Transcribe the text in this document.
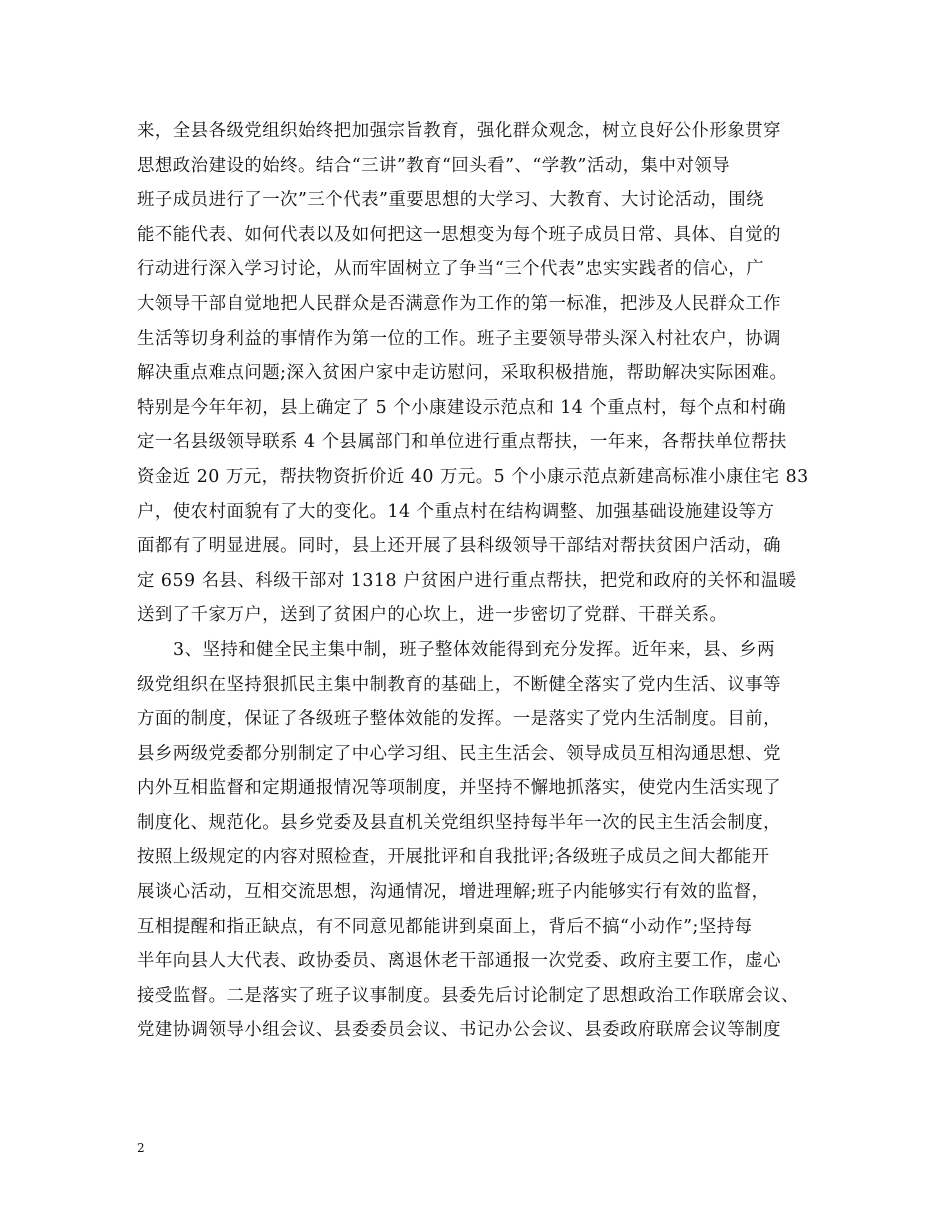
来，全县各级党组织始终把加强宗旨教育，强化群众观念，树立良好公仆形象贯穿
思想政治建设的始终。结合“三讲”教育“回头看”、“学教”活动，集中对领导
班子成员进行了一次”三个代表”重要思想的大学习、大教育、大讨论活动，围绕
能不能代表、如何代表以及如何把这一思想变为每个班子成员日常、具体、自觉的
行动进行深入学习讨论，从而牢固树立了争当“三个代表”忠实实践者的信心，广
大领导干部自觉地把人民群众是否满意作为工作的第一标准，把涉及人民群众工作
生活等切身利益的事情作为第一位的工作。班子主要领导带头深入村社农户，协调
解决重点难点问题;深入贫困户家中走访慰问，采取积极措施，帮助解决实际困难。
特别是今年年初，县上确定了 5 个小康建设示范点和 14 个重点村，每个点和村确
定一名县级领导联系 4 个县属部门和单位进行重点帮扶，一年来，各帮扶单位帮扶
资金近 20 万元，帮扶物资折价近 40 万元。5 个小康示范点新建高标准小康住宅 83
户，使农村面貌有了大的变化。14 个重点村在结构调整、加强基础设施建设等方
面都有了明显进展。同时，县上还开展了县科级领导干部结对帮扶贫困户活动，确
定 659 名县、科级干部对 1318 户贫困户进行重点帮扶，把党和政府的关怀和温暖
送到了千家万户，送到了贫困户的心坎上，进一步密切了党群、干群关系。
3、坚持和健全民主集中制，班子整体效能得到充分发挥。近年来，县、乡两
级党组织在坚持狠抓民主集中制教育的基础上，不断健全落实了党内生活、议事等
方面的制度，保证了各级班子整体效能的发挥。一是落实了党内生活制度。目前，
县乡两级党委都分别制定了中心学习组、民主生活会、领导成员互相沟通思想、党
内外互相监督和定期通报情况等项制度，并坚持不懈地抓落实，使党内生活实现了
制度化、规范化。县乡党委及县直机关党组织坚持每半年一次的民主生活会制度，
按照上级规定的内容对照检查，开展批评和自我批评;各级班子成员之间大都能开
展谈心活动，互相交流思想，沟通情况，增进理解;班子内能够实行有效的监督，
互相提醒和指正缺点，有不同意见都能讲到桌面上，背后不搞“小动作”;坚持每
半年向县人大代表、政协委员、离退休老干部通报一次党委、政府主要工作，虚心
接受监督。二是落实了班子议事制度。县委先后讨论制定了思想政治工作联席会议、
党建协调领导小组会议、县委委员会议、书记办公会议、县委政府联席会议等制度
2
